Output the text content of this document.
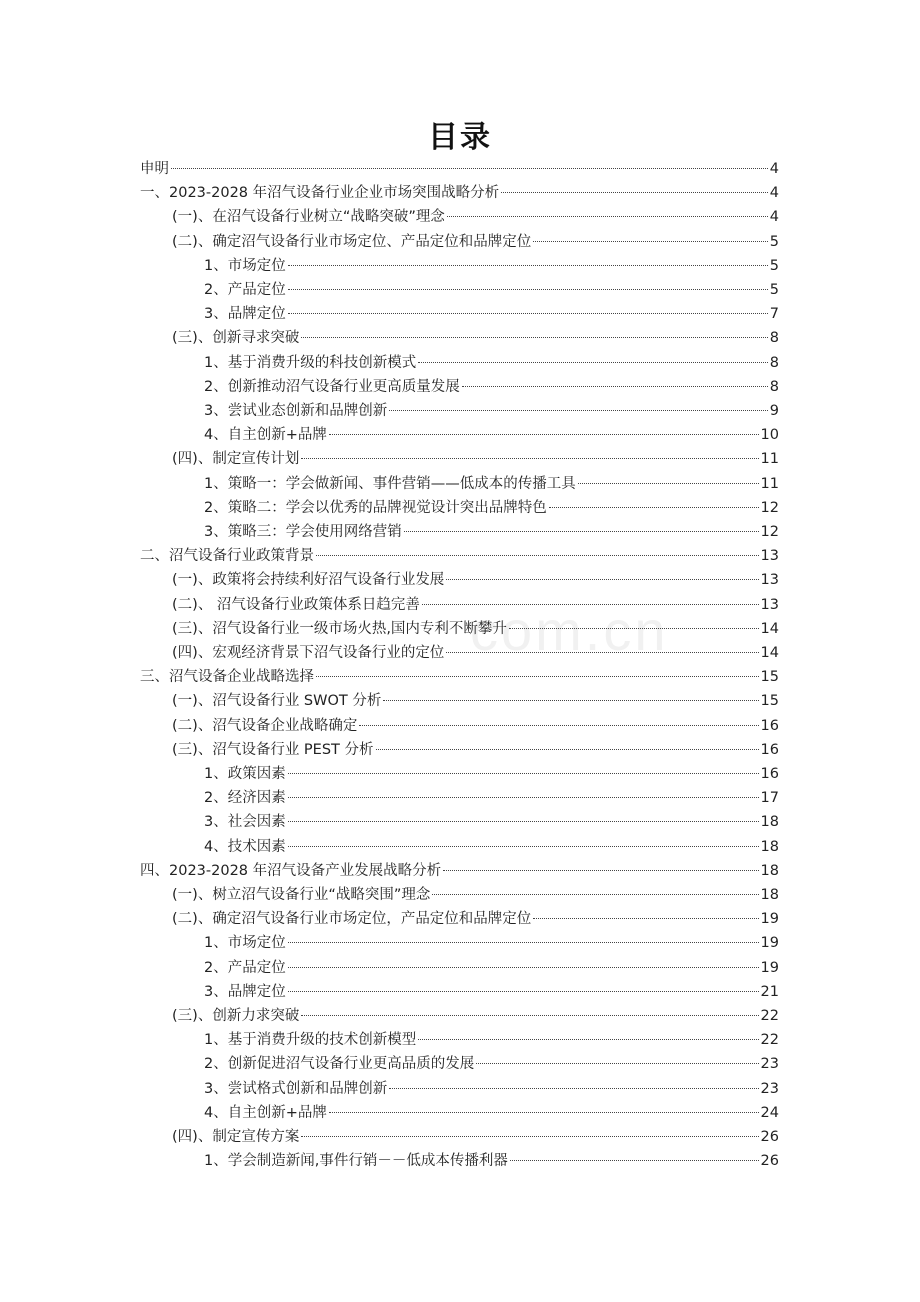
目录
com.cn
申明	4
一、2023-2028 年沼气设备行业企业市场突围战略分析	4
(一)、在沼气设备行业树立“战略突破”理念	4
(二)、确定沼气设备行业市场定位、产品定位和品牌定位	5
1、市场定位	5
2、产品定位	5
3、品牌定位	7
(三)、创新寻求突破	8
1、基于消费升级的科技创新模式	8
2、创新推动沼气设备行业更高质量发展	8
3、尝试业态创新和品牌创新	9
4、自主创新+品牌	10
(四)、制定宣传计划	11
1、策略一：学会做新闻、事件营销——低成本的传播工具	11
2、策略二：学会以优秀的品牌视觉设计突出品牌特色	12
3、策略三：学会使用网络营销	12
二、沼气设备行业政策背景	13
(一)、政策将会持续利好沼气设备行业发展	13
(二)、 沼气设备行业政策体系日趋完善	13
(三)、沼气设备行业一级市场火热,国内专利不断攀升	14
(四)、宏观经济背景下沼气设备行业的定位	14
三、沼气设备企业战略选择	15
(一)、沼气设备行业 SWOT 分析	15
(二)、沼气设备企业战略确定	16
(三)、沼气设备行业 PEST 分析	16
1、政策因素	16
2、经济因素	17
3、社会因素	18
4、技术因素	18
四、2023-2028 年沼气设备产业发展战略分析	18
(一)、树立沼气设备行业“战略突围”理念	18
(二)、确定沼气设备行业市场定位，产品定位和品牌定位	19
1、市场定位	19
2、产品定位	19
3、品牌定位	21
(三)、创新力求突破	22
1、基于消费升级的技术创新模型	22
2、创新促进沼气设备行业更高品质的发展	23
3、尝试格式创新和品牌创新	23
4、自主创新+品牌	24
(四)、制定宣传方案	26
1、学会制造新闻,事件行销－－低成本传播利器	26
